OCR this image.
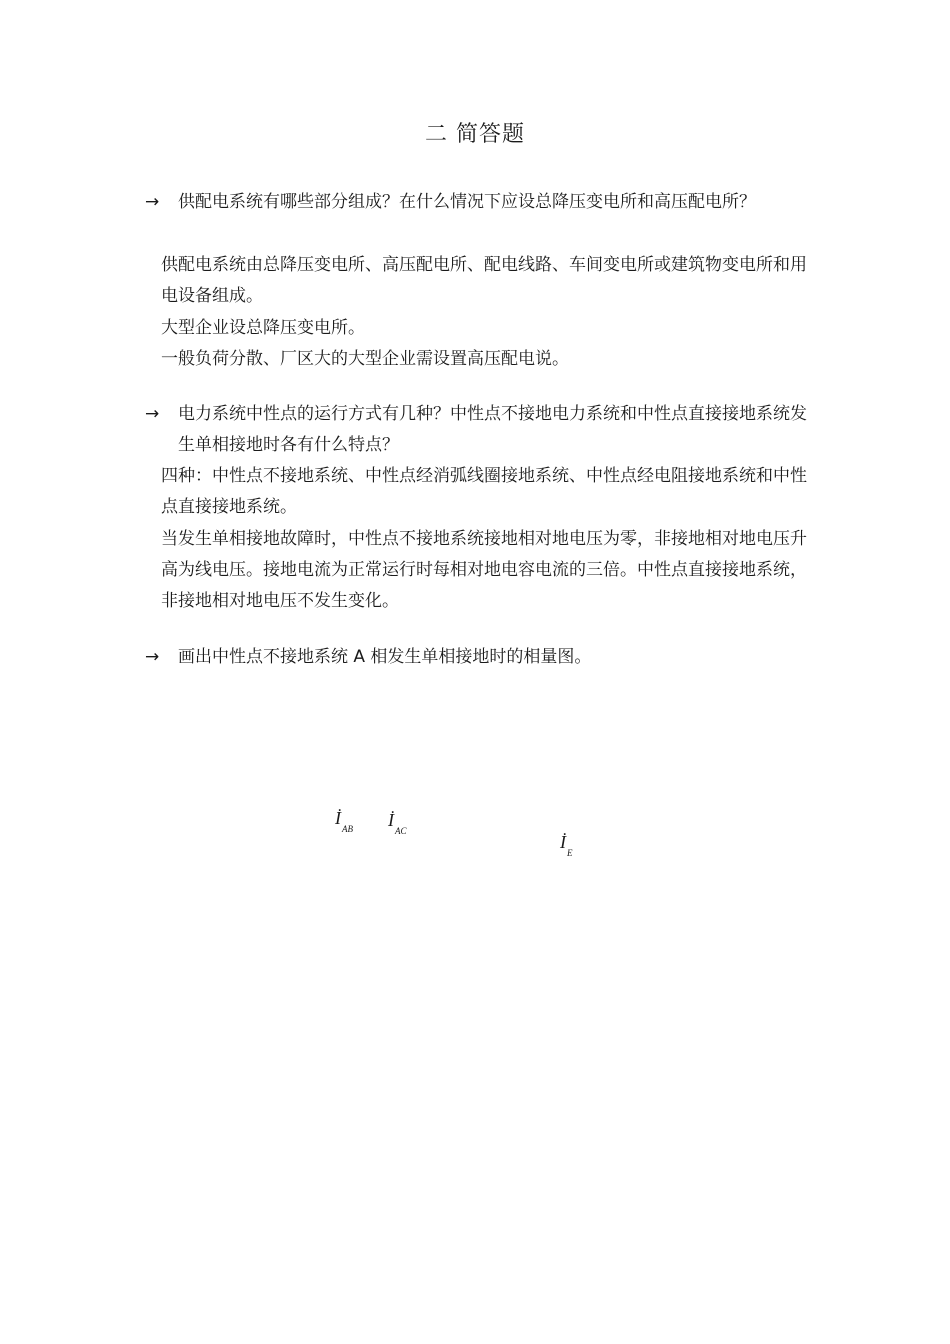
二 简答题
→	供配电系统有哪些部分组成？在什么情况下应设总降压变电所和高压配电所？

供配电系统由总降压变电所、高压配电所、配电线路、车间变电所或建筑物变电所和用电设备组成。

大型企业设总降压变电所。

一般负荷分散、厂区大的大型企业需设置高压配电说。

→	电力系统中性点的运行方式有几种？中性点不接地电力系统和中性点直接接地系统发生单相接地时各有什么特点？

四种：中性点不接地系统、中性点经消弧线圈接地系统、中性点经电阻接地系统和中性点直接接地系统。

当发生单相接地故障时，中性点不接地系统接地相对地电压为零，非接地相对地电压升高为线电压。接地电流为正常运行时每相对地电容电流的三倍。中性点直接接地系统，非接地相对地电压不发生变化。

→	画出中性点不接地系统 A 相发生单相接地时的相量图。
$İ_{AB}$ $İ_{AC}$
$İ_E$
